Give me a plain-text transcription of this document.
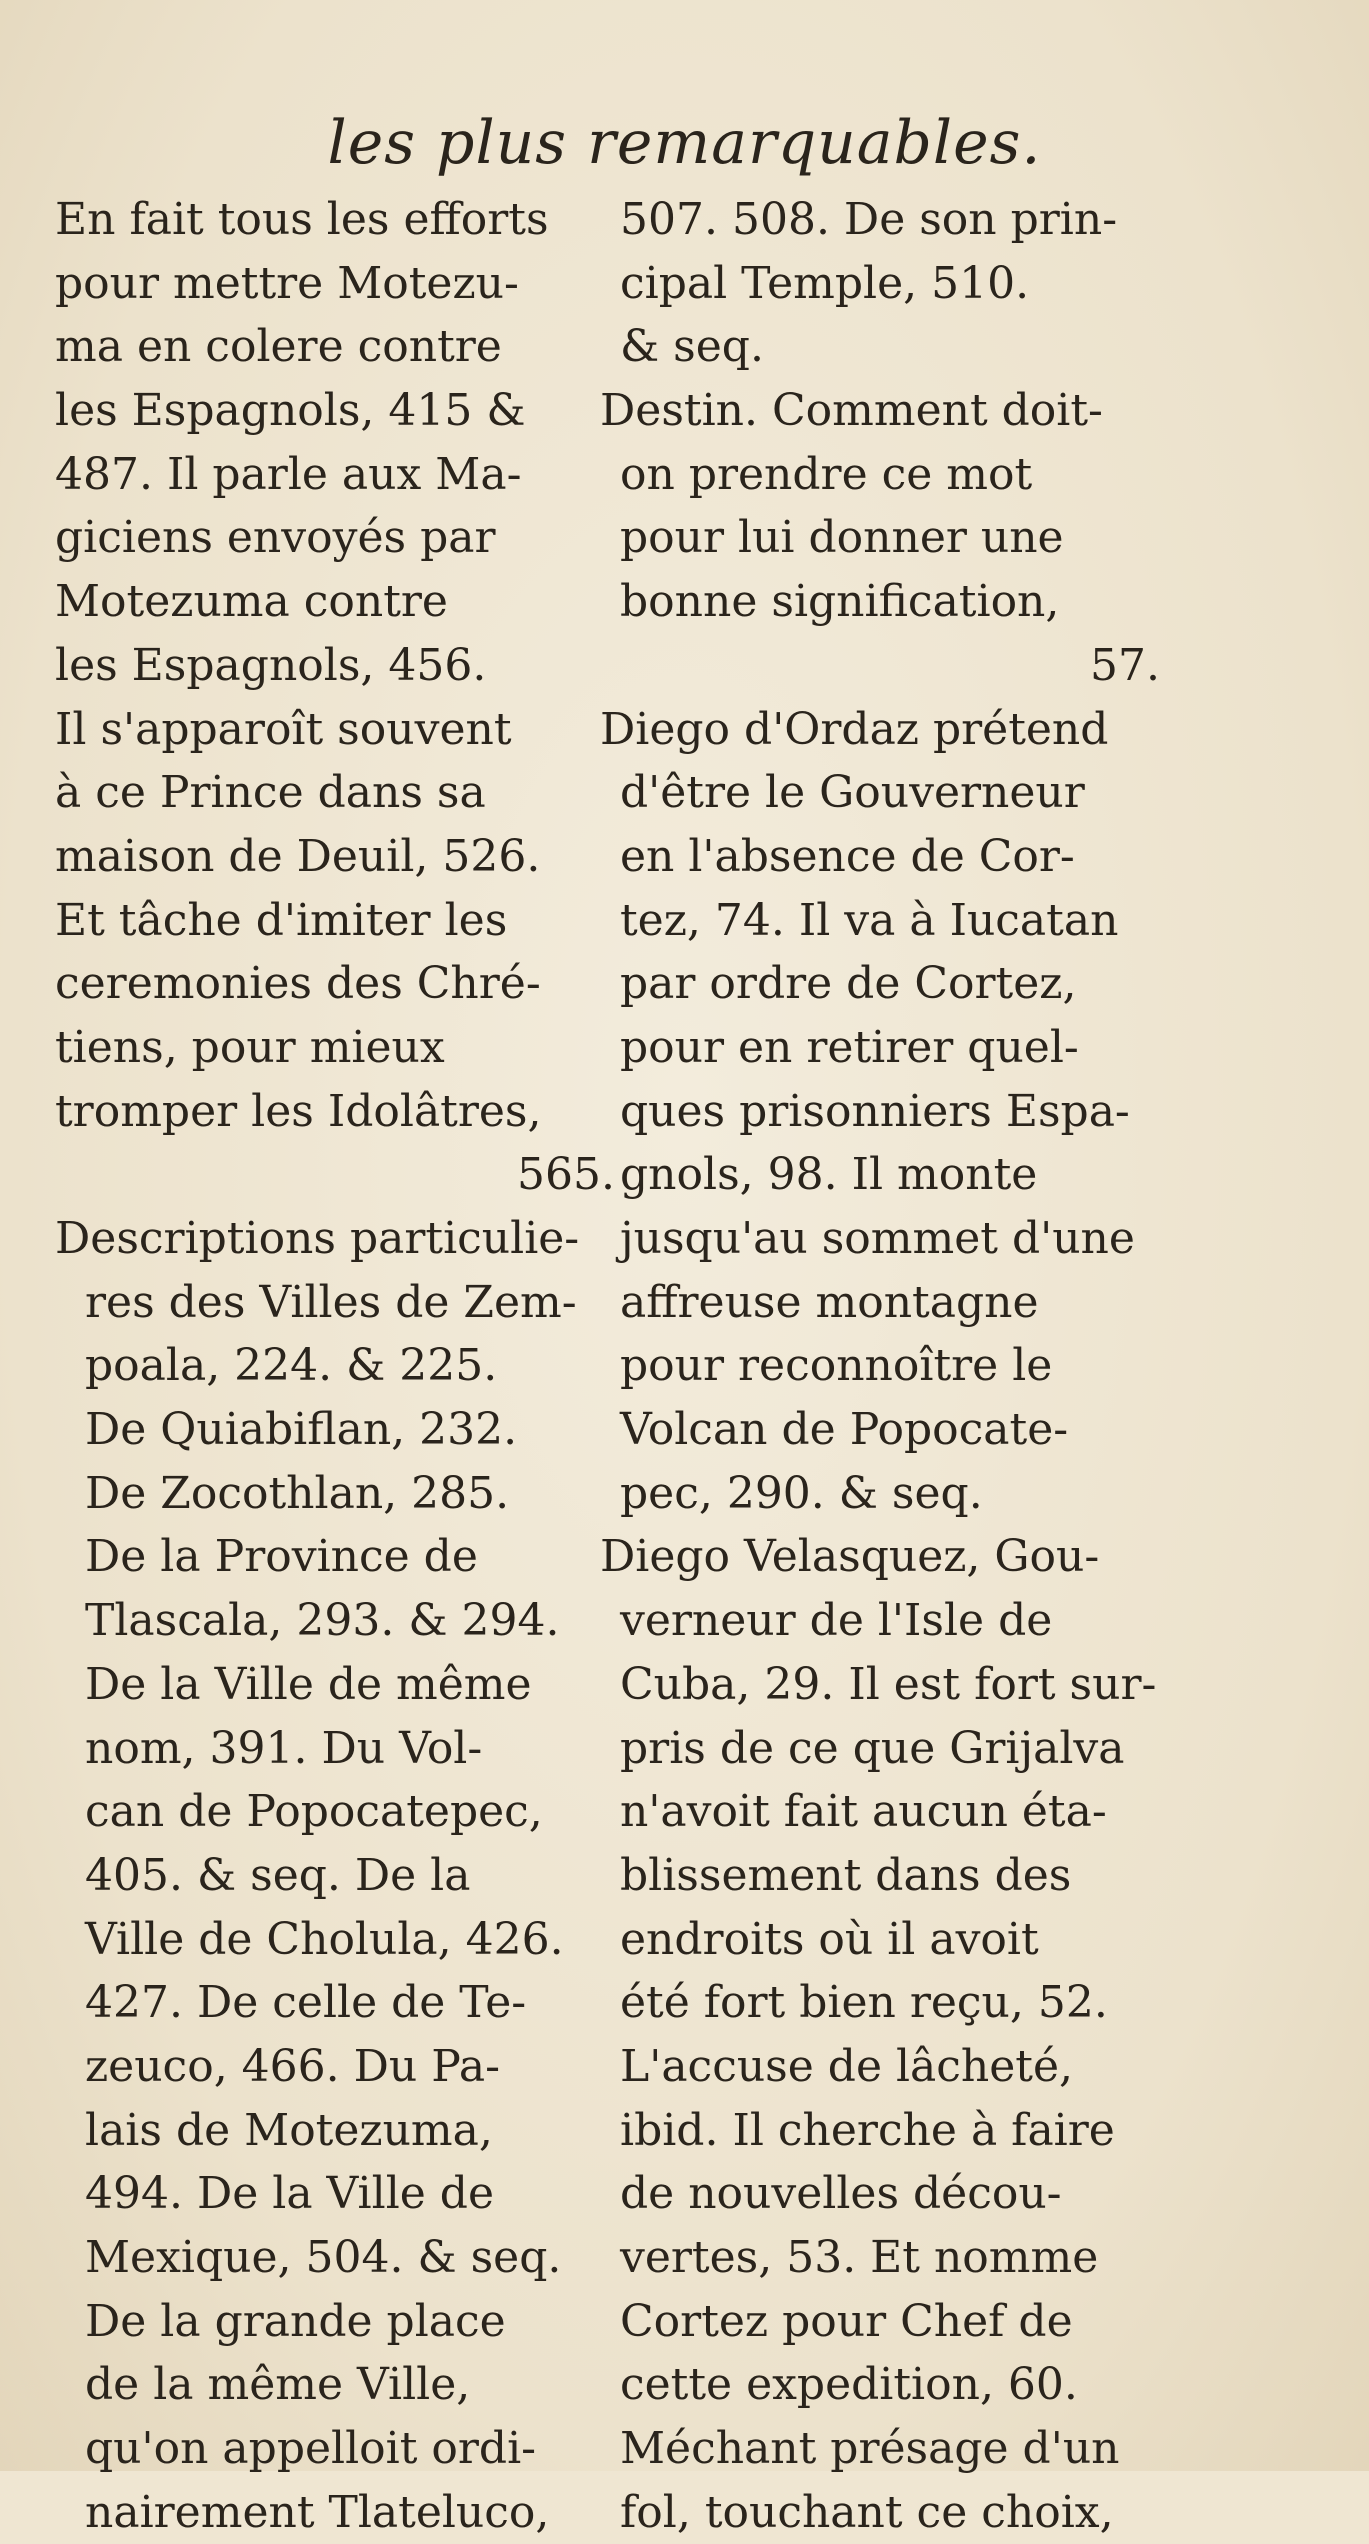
les plus remarquables.
En fait tous les efforts
pour mettre Motezu-
ma en colere contre
les Espagnols, 415 &
487. Il parle aux Ma-
giciens envoyés par
Motezuma contre
les Espagnols, 456.
Il s'apparoît souvent
à ce Prince dans sa
maison de Deuil, 526.
Et tâche d'imiter les
ceremonies des Chré-
tiens, pour mieux
tromper les Idolâtres,
565.
Descriptions particulie-
res des Villes de Zem-
poala, 224. & 225.
De Quiabiflan, 232.
De Zocothlan, 285.
De la Province de
Tlascala, 293. & 294.
De la Ville de même
nom, 391. Du Vol-
can de Popocatepec,
405. & seq. De la
Ville de Cholula, 426.
427. De celle de Te-
zeuco, 466. Du Pa-
lais de Motezuma,
494. De la Ville de
Mexique, 504. & seq.
De la grande place
de la même Ville,
qu'on appelloit ordi-
nairement Tlateluco,
507. 508. De son prin-
cipal Temple, 510.
& seq.
Destin. Comment doit-
on prendre ce mot
pour lui donner une
bonne signification,
57.
Diego d'Ordaz prétend
d'être le Gouverneur
en l'absence de Cor-
tez, 74. Il va à Iucatan
par ordre de Cortez,
pour en retirer quel-
ques prisonniers Espa-
gnols, 98. Il monte
jusqu'au sommet d'une
affreuse montagne
pour reconnoître le
Volcan de Popocate-
pec, 290. & seq.
Diego Velasquez, Gou-
verneur de l'Isle de
Cuba, 29. Il est fort sur-
pris de ce que Grijalva
n'avoit fait aucun éta-
blissement dans des
endroits où il avoit
été fort bien reçu, 52.
L'accuse de lâcheté,
ibid. Il cherche à faire
de nouvelles décou-
vertes, 53. Et nomme
Cortez pour Chef de
cette expedition, 60.
Méchant présage d'un
fol, touchant ce choix,
